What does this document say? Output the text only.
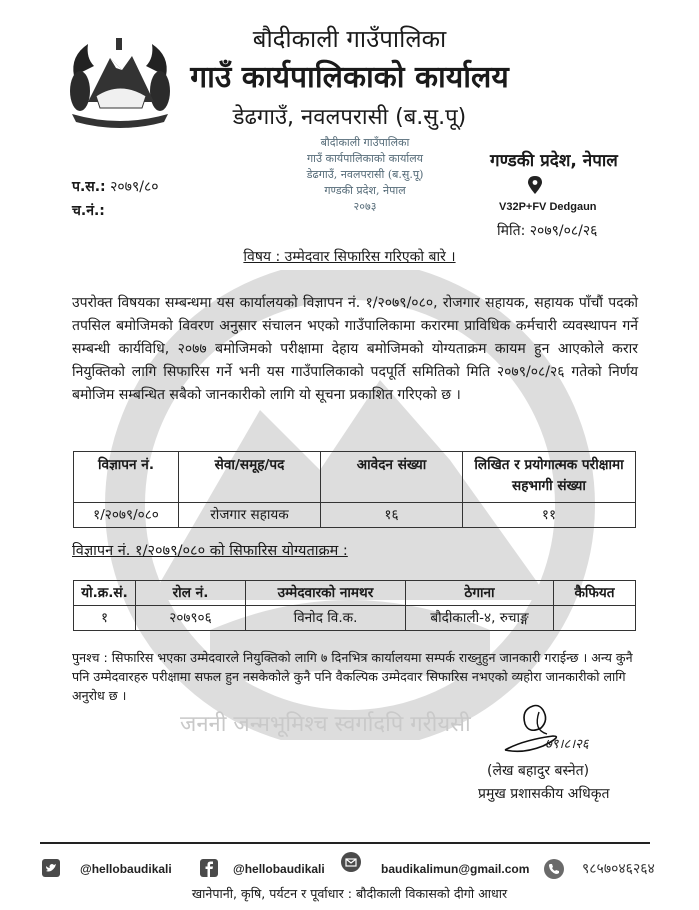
जननी जन्मभूमिश्च स्वर्गादपि गरीयसी
बौदीकाली गाउँपालिका
गाउँ कार्यपालिकाको कार्यालय
डेढगाउँ, नवलपरासी (ब.सु.पू)
बौदीकाली गाउँपालिका
गाउँ कार्यपालिकाको कार्यालय
डेढगाउँ, नवलपरासी (ब.सु.पू)
गण्डकी प्रदेश, नेपाल
२०७३
प.स.: २०७९/८०
च.नं.:
गण्डकी प्रदेश, नेपाल
V32P+FV Dedgaun
मिति: २०७९/०८/२६
विषय : उम्मेदवार सिफारिस गरिएको बारे ।
उपरोक्त विषयका सम्बन्धमा यस कार्यालयको विज्ञापन नं. १/२०७९/०८०, रोजगार सहायक, सहायक पाँचौं पदको तपसिल बमोजिमको विवरण अनुसार संचालन भएको गाउँपालिकामा करारमा प्राविधिक कर्मचारी व्यवस्थापन गर्ने सम्बन्धी कार्यविधि, २०७७ बमोजिमको परीक्षामा देहाय बमोजिमको योग्यताक्रम कायम हुन आएकोले करार नियुक्तिको लागि सिफारिस गर्ने भनी यस गाउँपालिकाको पदपूर्ति समितिको मिति २०७९/०८/२६ गतेको निर्णय बमोजिम सम्बन्धित सबैको जानकारीको लागि यो सूचना प्रकाशित गरिएको छ ।
विज्ञापन नं.	सेवा/समूह/पद	आवेदन संख्या	लिखित र प्रयोगात्मक परीक्षामा सहभागी संख्या
१/२०७९/०८०	रोजगार सहायक	१६	११
विज्ञापन नं. १/२०७९/०८० को सिफारिस योग्यताक्रम :
यो.क्र.सं.	रोल नं.	उम्मेदवारको नामथर	ठेगाना	कैफियत
१	२०७९०६	विनोद वि.क.	बौदीकाली-४, रुचाङ्ग	
पुनश्च : सिफारिस भएका उम्मेदवारले नियुक्तिको लागि ७ दिनभित्र कार्यालयमा सम्पर्क राख्नुहुन जानकारी गराईन्छ । अन्य कुनै पनि उम्मेदवारहरु परीक्षामा सफल हुन नसकेकोले कुनै पनि वैकल्पिक उम्मेदवार सिफारिस नभएको व्यहोरा जानकारीको लागि अनुरोध छ ।
७९।८।२६
(लेख बहादुर बस्नेत)
प्रमुख प्रशासकीय अधिकृत
@hellobaudikali	@hellobaudikali	baudikalimun@gmail.com	९८५७०४६२६४
खानेपानी, कृषि, पर्यटन र पूर्वाधार : बौदीकाली विकासको दीगो आधार
